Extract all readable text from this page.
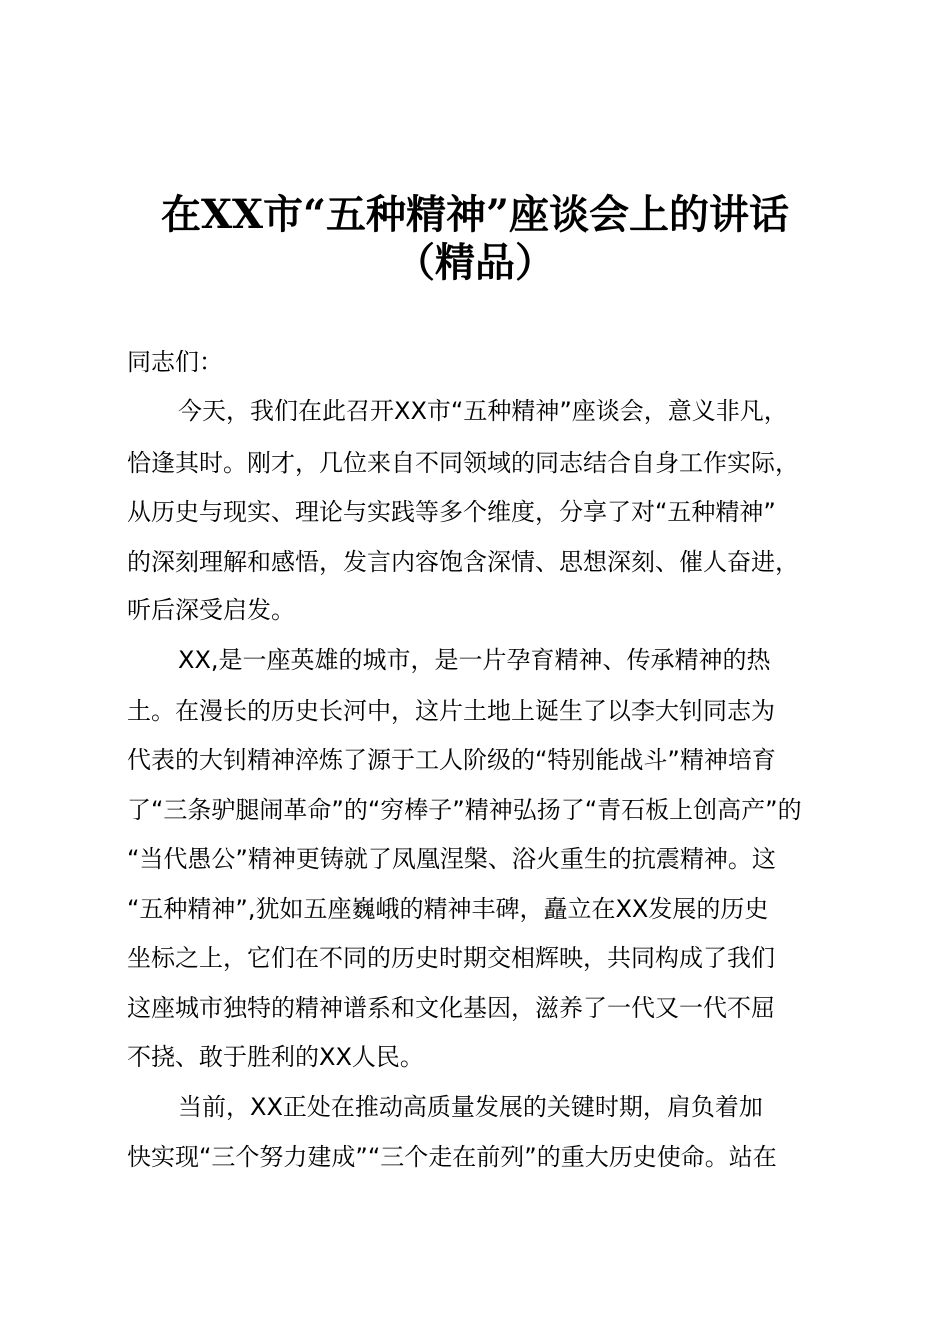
在XX市“五种精神”座谈会上的讲话
（精品）
同志们：
今天，我们在此召开XX市“五种精神”座谈会，意义非凡，
恰逢其时。刚才，几位来自不同领域的同志结合自身工作实际，
从历史与现实、理论与实践等多个维度，分享了对“五种精神”
的深刻理解和感悟，发言内容饱含深情、思想深刻、催人奋进，
听后深受启发。
XX,是一座英雄的城市，是一片孕育精神、传承精神的热
土。在漫长的历史长河中，这片土地上诞生了以李大钊同志为
代表的大钊精神淬炼了源于工人阶级的“特别能战斗”精神培育
了“三条驴腿闹革命”的“穷棒子”精神弘扬了“青石板上创高产”的
“当代愚公”精神更铸就了凤凰涅槃、浴火重生的抗震精神。这
“五种精神”,犹如五座巍峨的精神丰碑，矗立在XX发展的历史
坐标之上，它们在不同的历史时期交相辉映，共同构成了我们
这座城市独特的精神谱系和文化基因，滋养了一代又一代不屈
不挠、敢于胜利的XX人民。
当前，XX正处在推动高质量发展的关键时期，肩负着加
快实现“三个努力建成”“三个走在前列”的重大历史使命。站在
